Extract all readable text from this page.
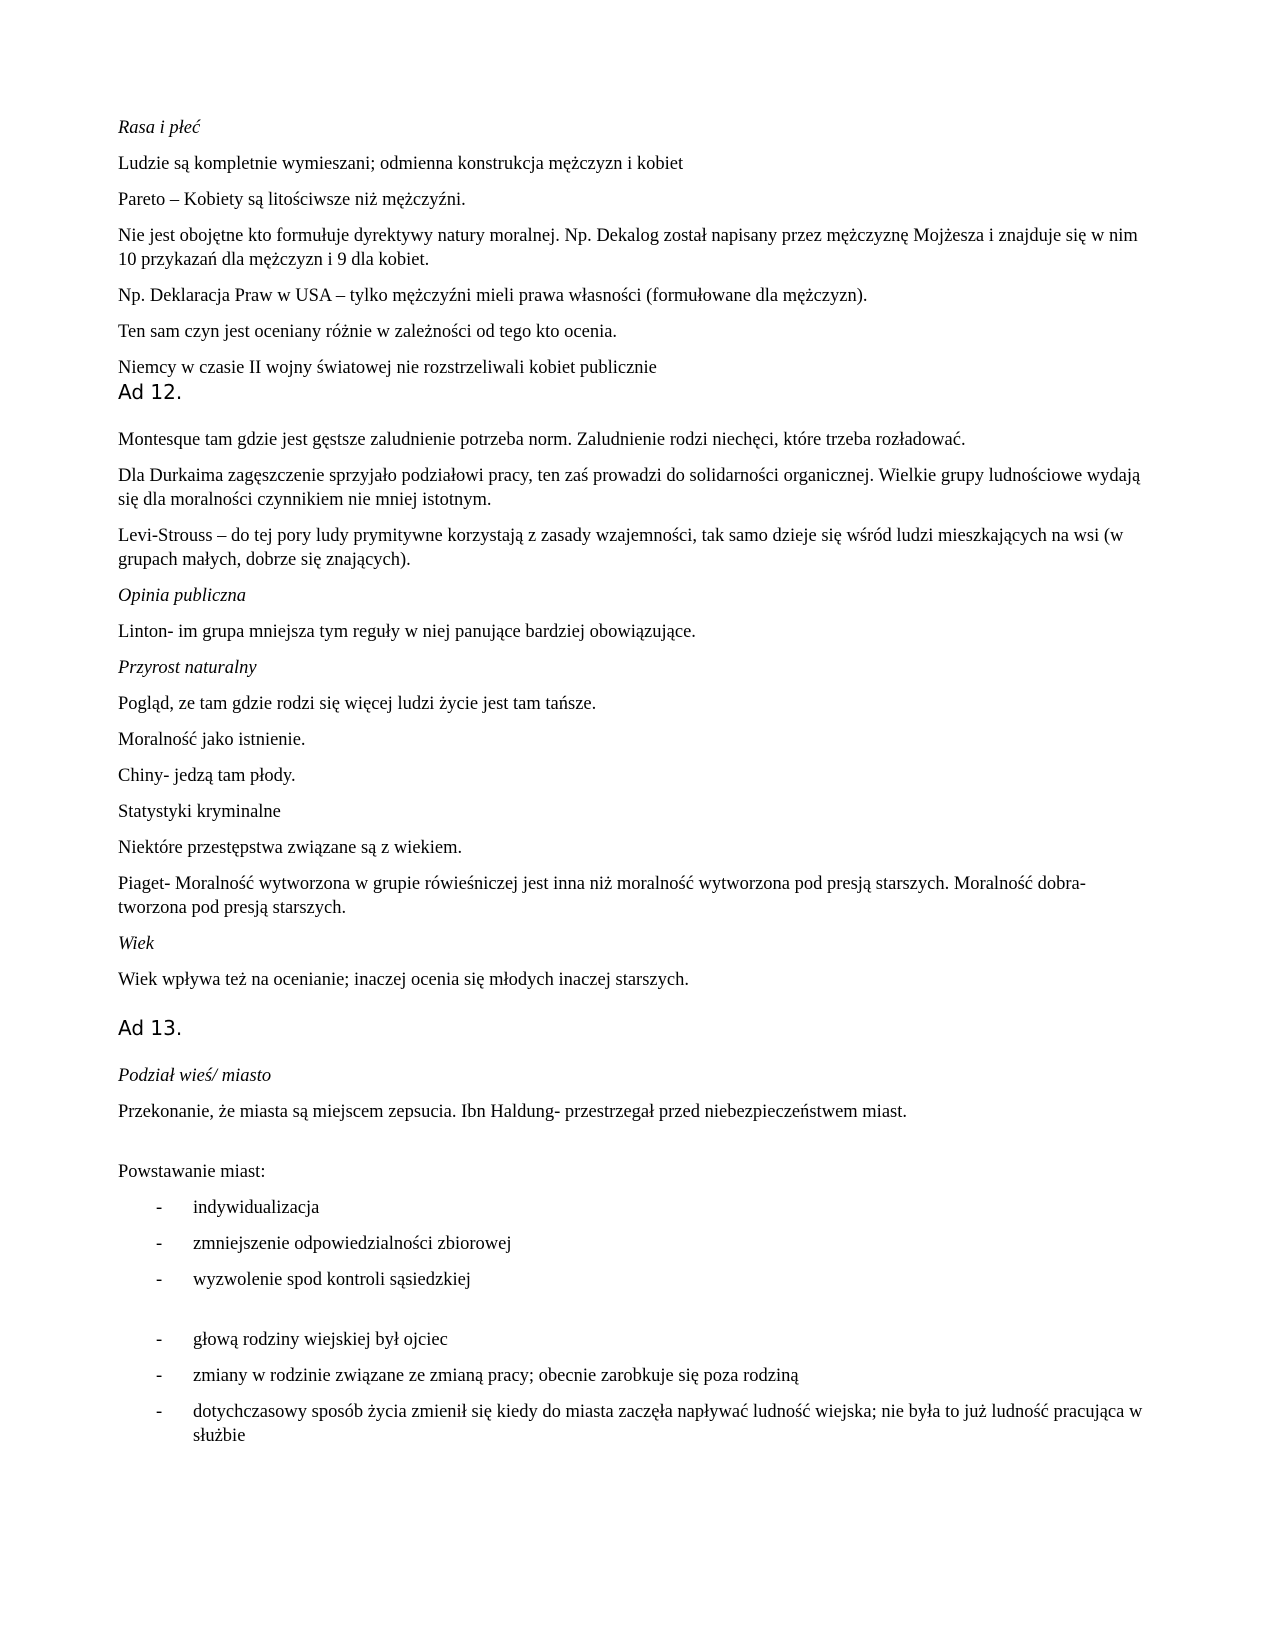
Rasa i płeć

Ludzie są kompletnie wymieszani; odmienna konstrukcja mężczyzn i kobiet

Pareto – Kobiety są litościwsze niż mężczyźni.

Nie jest obojętne kto formułuje dyrektywy natury moralnej. Np. Dekalog został napisany przez mężczyznę Mojżesza i znajduje się w nim 10 przykazań dla mężczyzn i 9 dla kobiet.

Np. Deklaracja Praw w USA – tylko mężczyźni mieli prawa własności (formułowane dla mężczyzn).

Ten sam czyn jest oceniany różnie w zależności od tego kto ocenia.

Niemcy w czasie II wojny światowej nie rozstrzeliwali kobiet publicznie

Ad 12.

Montesque tam gdzie jest gęstsze zaludnienie potrzeba norm. Zaludnienie rodzi niechęci, które trzeba rozładować.

Dla Durkaima zagęszczenie sprzyjało podziałowi pracy, ten zaś prowadzi do solidarności organicznej. Wielkie grupy ludnościowe wydają się dla moralności czynnikiem nie mniej istotnym.

Levi-Strouss – do tej pory ludy prymitywne korzystają z zasady wzajemności, tak samo dzieje się wśród ludzi mieszkających na wsi (w grupach małych, dobrze się znających).

Opinia publiczna

Linton- im grupa mniejsza tym reguły w niej panujące bardziej obowiązujące.

Przyrost naturalny

Pogląd, ze tam gdzie rodzi się więcej ludzi życie jest tam tańsze.

Moralność jako istnienie.

Chiny- jedzą tam płody.

Statystyki kryminalne

Niektóre przestępstwa związane są z wiekiem.

Piaget- Moralność wytworzona w grupie rówieśniczej jest inna niż moralność wytworzona pod presją starszych. Moralność dobra- tworzona pod presją starszych.

Wiek

Wiek wpływa też na ocenianie; inaczej ocenia się młodych inaczej starszych.

Ad 13.

Podział wieś/ miasto

Przekonanie, że miasta są miejscem zepsucia. Ibn Haldung- przestrzegał przed niebezpieczeństwem miast.

Powstawanie miast:

- indywidualizacja
- zmniejszenie odpowiedzialności zbiorowej
- wyzwolenie spod kontroli sąsiedzkiej
- głową rodziny wiejskiej był ojciec
- zmiany w rodzinie związane ze zmianą pracy; obecnie zarobkuje się poza rodziną
- dotychczasowy sposób życia zmienił się kiedy do miasta zaczęła napływać ludność wiejska; nie była to już ludność pracująca w służbie
